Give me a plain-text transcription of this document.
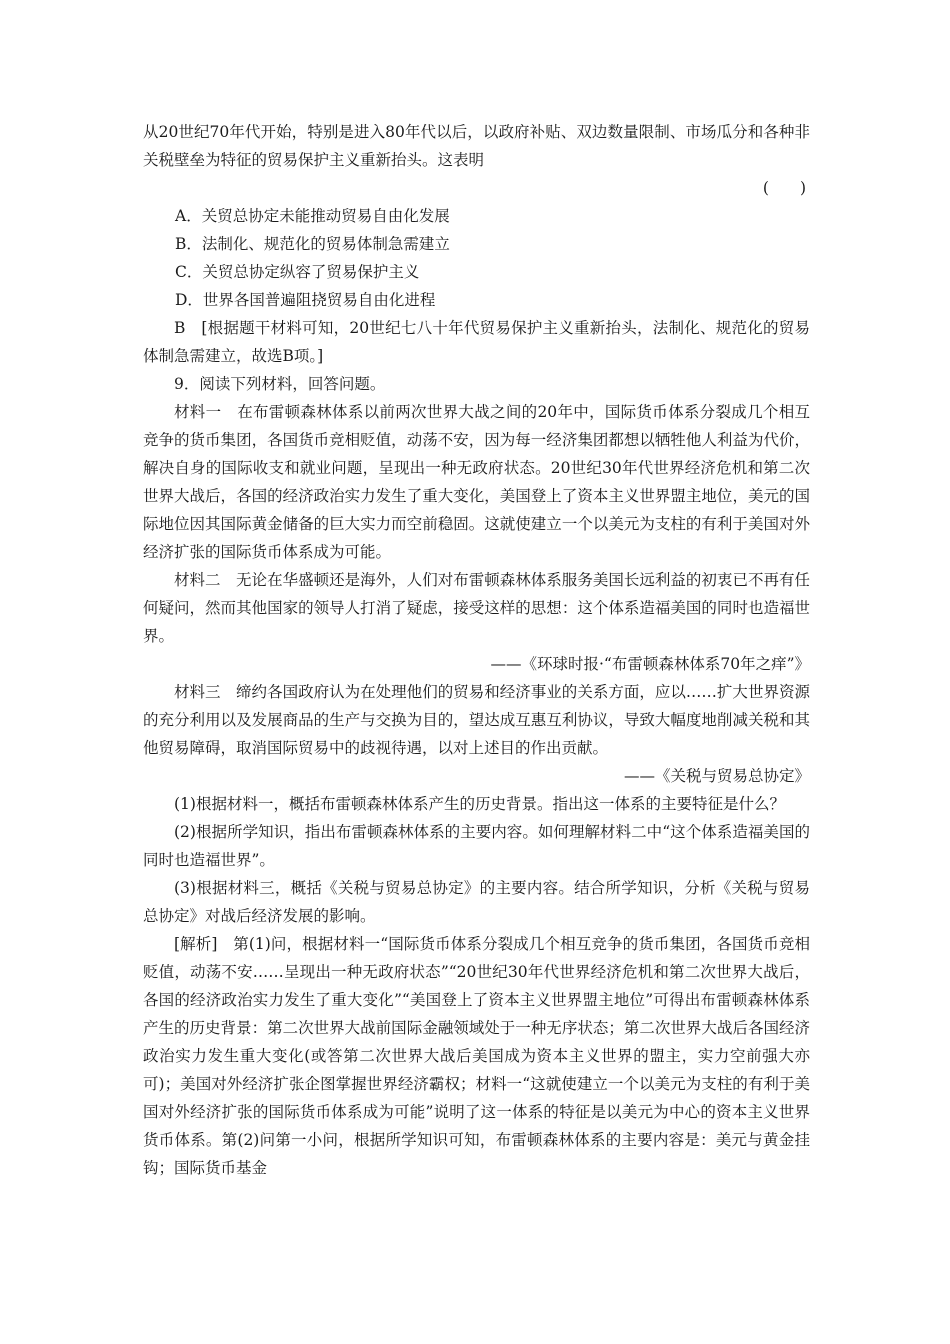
从20世纪70年代开始，特别是进入80年代以后，以政府补贴、双边数量限制、市场瓜分和各种非关税壁垒为特征的贸易保护主义重新抬头。这表明

(　　)

A．关贸总协定未能推动贸易自由化发展

B．法制化、规范化的贸易体制急需建立

C．关贸总协定纵容了贸易保护主义

D．世界各国普遍阻挠贸易自由化进程

B　[根据题干材料可知，20世纪七八十年代贸易保护主义重新抬头，法制化、规范化的贸易体制急需建立，故选B项。]

9．阅读下列材料，回答问题。

材料一　在布雷顿森林体系以前两次世界大战之间的20年中，国际货币体系分裂成几个相互竞争的货币集团，各国货币竞相贬值，动荡不安，因为每一经济集团都想以牺牲他人利益为代价，解决自身的国际收支和就业问题，呈现出一种无政府状态。20世纪30年代世界经济危机和第二次世界大战后，各国的经济政治实力发生了重大变化，美国登上了资本主义世界盟主地位，美元的国际地位因其国际黄金储备的巨大实力而空前稳固。这就使建立一个以美元为支柱的有利于美国对外经济扩张的国际货币体系成为可能。

材料二　无论在华盛顿还是海外，人们对布雷顿森林体系服务美国长远利益的初衷已不再有任何疑问，然而其他国家的领导人打消了疑虑，接受这样的思想：这个体系造福美国的同时也造福世界。

——《环球时报·“布雷顿森林体系70年之痒”》

材料三　缔约各国政府认为在处理他们的贸易和经济事业的关系方面，应以……扩大世界资源的充分利用以及发展商品的生产与交换为目的，望达成互惠互利协议，导致大幅度地削减关税和其他贸易障碍，取消国际贸易中的歧视待遇，以对上述目的作出贡献。

——《关税与贸易总协定》

(1)根据材料一，概括布雷顿森林体系产生的历史背景。指出这一体系的主要特征是什么？

(2)根据所学知识，指出布雷顿森林体系的主要内容。如何理解材料二中“这个体系造福美国的同时也造福世界”。

(3)根据材料三，概括《关税与贸易总协定》的主要内容。结合所学知识，分析《关税与贸易总协定》对战后经济发展的影响。

[解析]　第(1)问，根据材料一“国际货币体系分裂成几个相互竞争的货币集团，各国货币竞相贬值，动荡不安……呈现出一种无政府状态”“20世纪30年代世界经济危机和第二次世界大战后，各国的经济政治实力发生了重大变化”“美国登上了资本主义世界盟主地位”可得出布雷顿森林体系产生的历史背景：第二次世界大战前国际金融领域处于一种无序状态；第二次世界大战后各国经济政治实力发生重大变化(或答第二次世界大战后美国成为资本主义世界的盟主，实力空前强大亦可)；美国对外经济扩张企图掌握世界经济霸权；材料一“这就使建立一个以美元为支柱的有利于美国对外经济扩张的国际货币体系成为可能”说明了这一体系的特征是以美元为中心的资本主义世界货币体系。第(2)问第一小问，根据所学知识可知，布雷顿森林体系的主要内容是：美元与黄金挂钩；国际货币基金
